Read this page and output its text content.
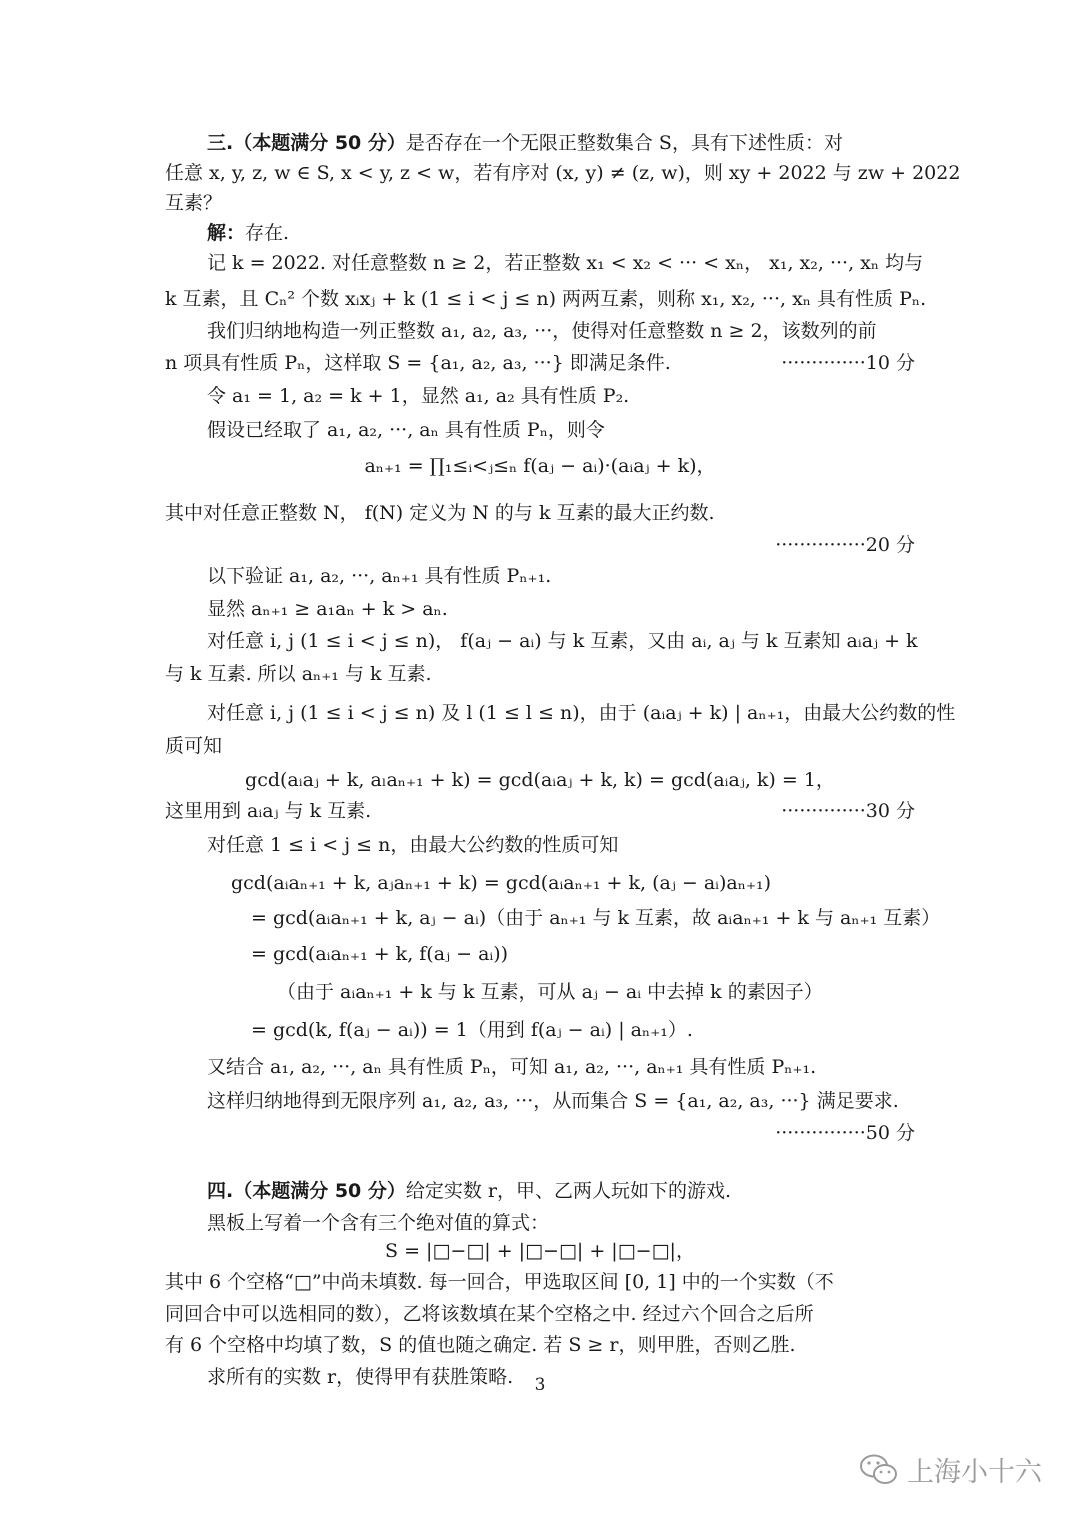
三.（本题满分 50 分）是否存在一个无限正整数集合 S，具有下述性质：对
任意 x, y, z, w ∈ S, x < y, z < w，若有序对 (x, y) ≠ (z, w)，则 xy + 2022 与 zw + 2022
互素？
解：存在.
记 k = 2022. 对任意整数 n ≥ 2，若正整数 x₁ < x₂ < ··· < xₙ， x₁, x₂, ···, xₙ 均与
k 互素，且 Cₙ² 个数 xᵢxⱼ + k (1 ≤ i < j ≤ n) 两两互素，则称 x₁, x₂, ···, xₙ 具有性质 Pₙ.
我们归纳地构造一列正整数 a₁, a₂, a₃, ···，使得对任意整数 n ≥ 2，该数列的前
n 项具有性质 Pₙ，这样取 S = {a₁, a₂, a₃, ···} 即满足条件.	··············10 分
令 a₁ = 1, a₂ = k + 1，显然 a₁, a₂ 具有性质 P₂.
假设已经取了 a₁, a₂, ···, aₙ 具有性质 Pₙ，则令
aₙ₊₁ = ∏₁≤ᵢ<ⱼ≤ₙ f(aⱼ − aᵢ)·(aᵢaⱼ + k)，
其中对任意正整数 N， f(N) 定义为 N 的与 k 互素的最大正约数.
···············20 分
以下验证 a₁, a₂, ···, aₙ₊₁ 具有性质 Pₙ₊₁.
显然 aₙ₊₁ ≥ a₁aₙ + k > aₙ.
对任意 i, j (1 ≤ i < j ≤ n)， f(aⱼ − aᵢ) 与 k 互素，又由 aᵢ, aⱼ 与 k 互素知 aᵢaⱼ + k
与 k 互素. 所以 aₙ₊₁ 与 k 互素.
对任意 i, j (1 ≤ i < j ≤ n) 及 l (1 ≤ l ≤ n)，由于 (aᵢaⱼ + k) | aₙ₊₁，由最大公约数的性
质可知
gcd(aᵢaⱼ + k, aₗaₙ₊₁ + k) = gcd(aᵢaⱼ + k, k) = gcd(aᵢaⱼ, k) = 1，
这里用到 aᵢaⱼ 与 k 互素.	··············30 分
对任意 1 ≤ i < j ≤ n，由最大公约数的性质可知
gcd(aᵢaₙ₊₁ + k, aⱼaₙ₊₁ + k) = gcd(aᵢaₙ₊₁ + k, (aⱼ − aᵢ)aₙ₊₁)
= gcd(aᵢaₙ₊₁ + k, aⱼ − aᵢ)（由于 aₙ₊₁ 与 k 互素，故 aᵢaₙ₊₁ + k 与 aₙ₊₁ 互素）
= gcd(aᵢaₙ₊₁ + k, f(aⱼ − aᵢ))
（由于 aᵢaₙ₊₁ + k 与 k 互素，可从 aⱼ − aᵢ 中去掉 k 的素因子）
= gcd(k, f(aⱼ − aᵢ)) = 1（用到 f(aⱼ − aᵢ) | aₙ₊₁）.
又结合 a₁, a₂, ···, aₙ 具有性质 Pₙ，可知 a₁, a₂, ···, aₙ₊₁ 具有性质 Pₙ₊₁.
这样归纳地得到无限序列 a₁, a₂, a₃, ···，从而集合 S = {a₁, a₂, a₃, ···} 满足要求.
···············50 分
四.（本题满分 50 分）给定实数 r，甲、乙两人玩如下的游戏.
黑板上写着一个含有三个绝对值的算式：
S = |□−□| + |□−□| + |□−□|，
其中 6 个空格“□”中尚未填数. 每一回合，甲选取区间 [0, 1] 中的一个实数（不
同回合中可以选相同的数），乙将该数填在某个空格之中. 经过六个回合之后所
有 6 个空格中均填了数，S 的值也随之确定. 若 S ≥ r，则甲胜，否则乙胜.
求所有的实数 r，使得甲有获胜策略.	3
上海小十六
